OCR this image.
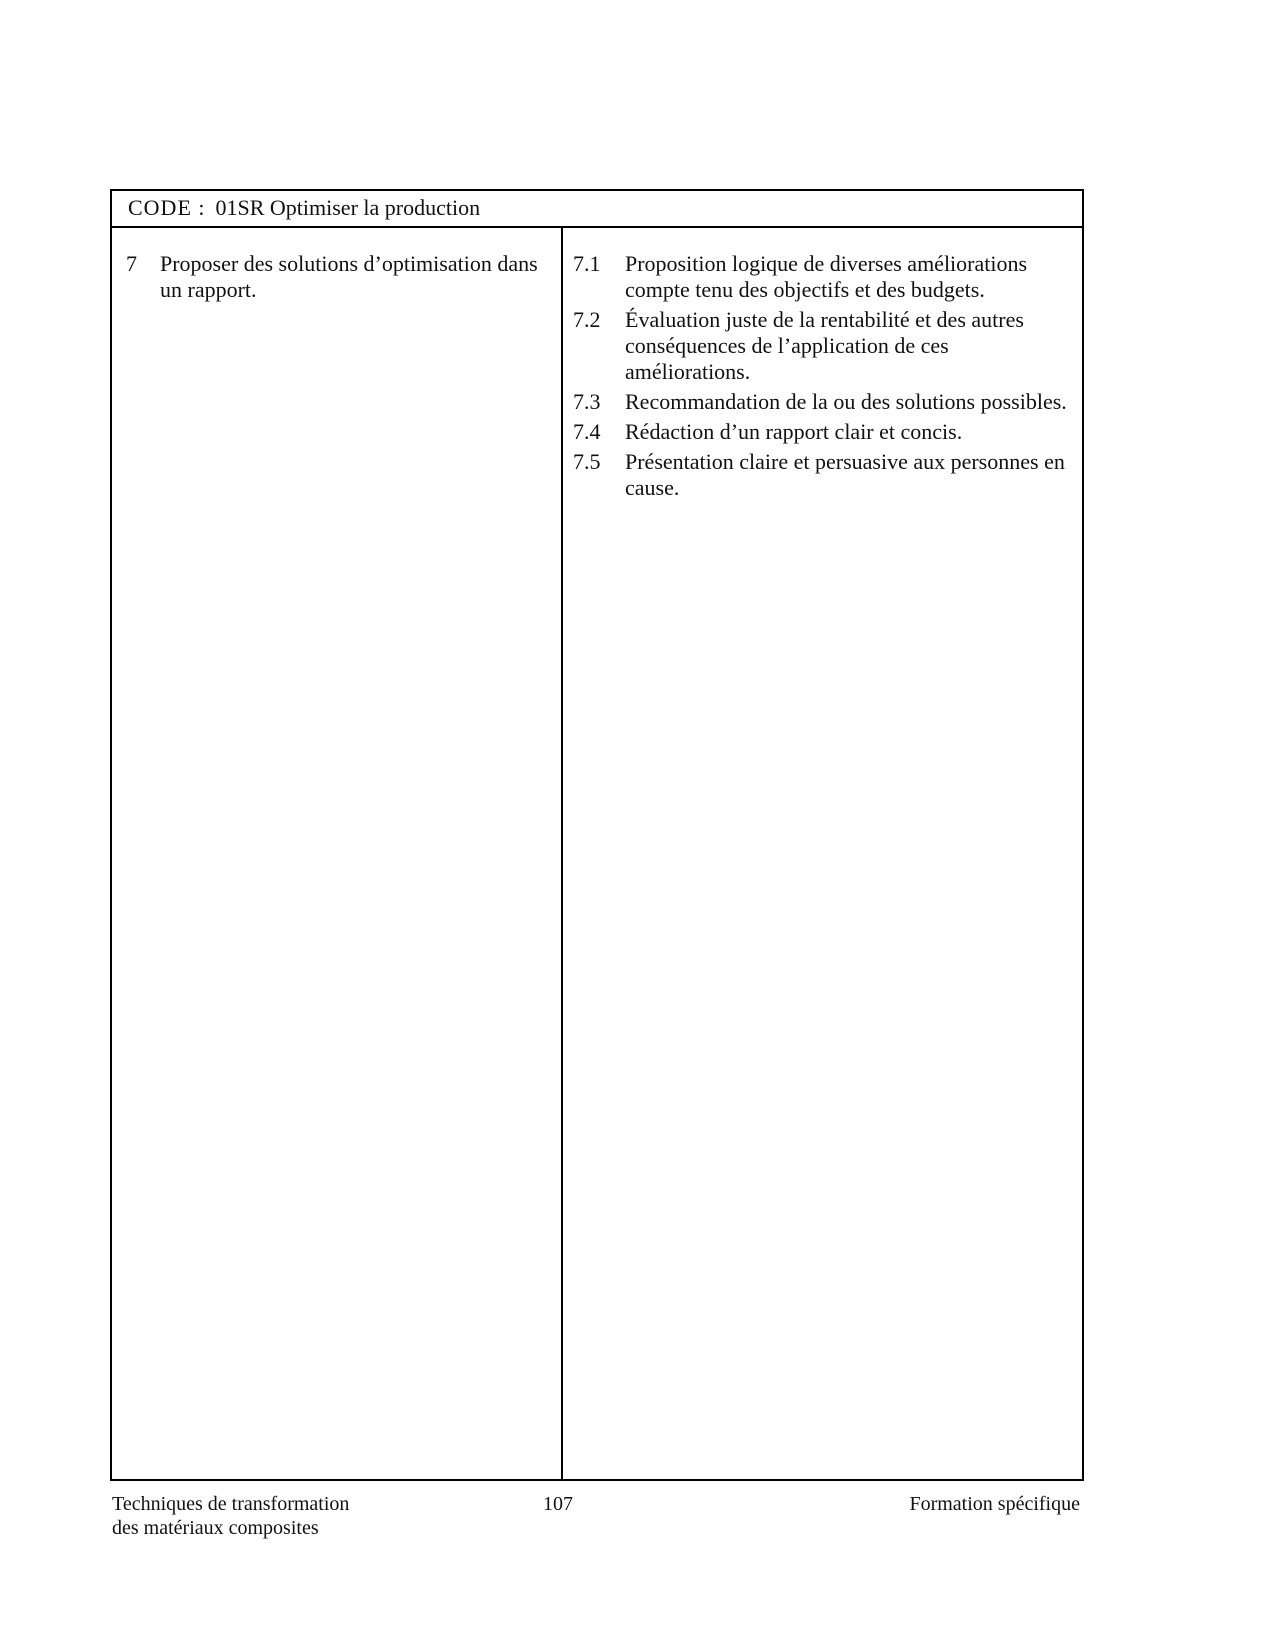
CODE : 01SR Optimiser la production
7	Proposer des solutions d’optimisation dans un rapport.
7.1	Proposition logique de diverses améliorations compte tenu des objectifs et des budgets.
7.2	Évaluation juste de la rentabilité et des autres conséquences de l’application de ces améliorations.
7.3	Recommandation de la ou des solutions possibles.
7.4	Rédaction d’un rapport clair et concis.
7.5	Présentation claire et persuasive aux personnes en cause.
Techniques de transformation
des matériaux composites
107	Formation spécifique
